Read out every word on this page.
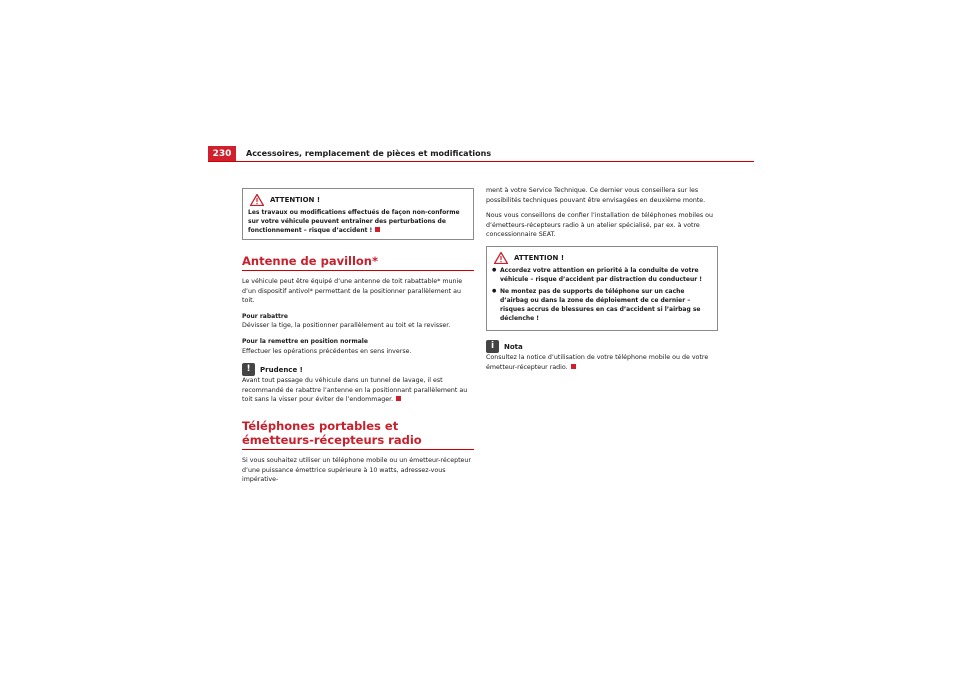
230	Accessoires, remplacement de pièces et modifications
ATTENTION !
Les travaux ou modifications effectués de façon non-conforme sur votre véhicule peuvent entraîner des perturbations de fonctionnement – risque d’accident !
Antenne de pavillon*

Le véhicule peut être équipé d’une antenne de toit rabattable* munie d’un dispositif antivol* permettant de la positionner parallèlement au toit.

Pour rabattre

Dévisser la tige, la positionner parallèlement au toit et la revisser.

Pour la remettre en position normale

Effectuer les opérations précédentes en sens inverse.

!	Prudence !

Avant tout passage du véhicule dans un tunnel de lavage, il est recommandé de rabattre l’antenne en la positionnant parallèlement au toit sans la visser pour éviter de l’endommager.

Téléphones portables et émetteurs-récepteurs radio

Si vous souhaitez utiliser un téléphone mobile ou un émetteur-récepteur d’une puissance émettrice supérieure à 10 watts, adressez-vous impérative-

ment à votre Service Technique. Ce dernier vous conseillera sur les possibilités techniques pouvant être envisagées en deuxième monte.

Nous vous conseillons de confier l’installation de téléphones mobiles ou d’émetteurs-récepteurs radio à un atelier spécialisé, par ex. à votre concessionnaire SEAT.

ATTENTION !
● Accordez votre attention en priorité à la conduite de votre véhicule – risque d’accident par distraction du conducteur !
● Ne montez pas de supports de téléphone sur un cache d’airbag ou dans la zone de déploiement de ce dernier – risques accrus de blessures en cas d’accident si l’airbag se déclenche !
i	Nota

Consultez la notice d’utilisation de votre téléphone mobile ou de votre émetteur-récepteur radio.
